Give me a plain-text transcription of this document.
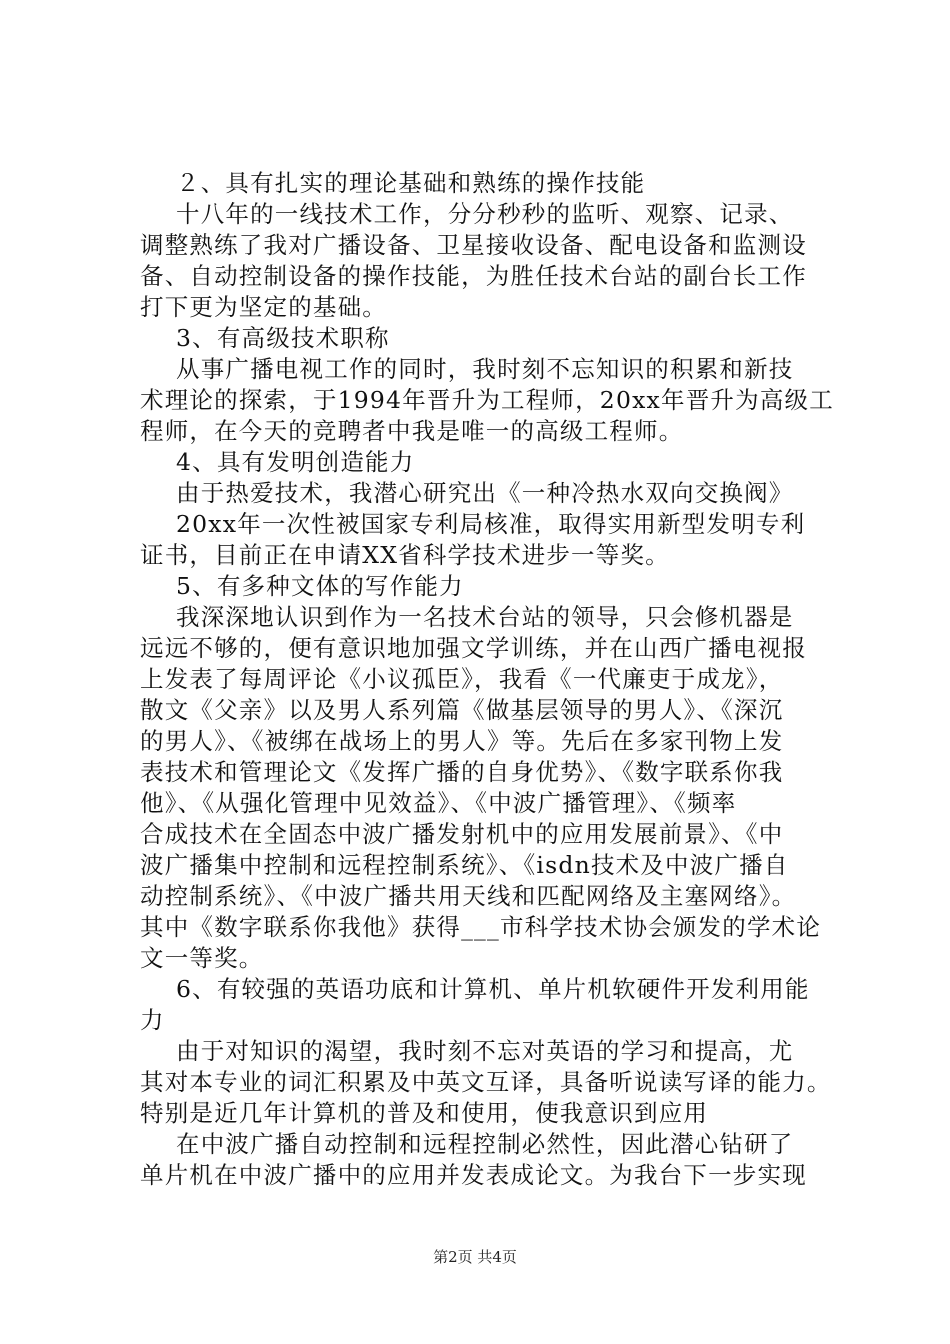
２、具有扎实的理论基础和熟练的操作技能
十八年的一线技术工作，分分秒秒的监听、观察、记录、
调整熟练了我对广播设备、卫星接收设备、配电设备和监测设
备、自动控制设备的操作技能，为胜任技术台站的副台长工作
打下更为坚定的基础。
3、有高级技术职称
从事广播电视工作的同时，我时刻不忘知识的积累和新技
术理论的探索，于1994年晋升为工程师，20xx年晋升为高级工
程师，在今天的竞聘者中我是唯一的高级工程师。
4、具有发明创造能力
由于热爱技术，我潜心研究出《一种冷热水双向交换阀》
20xx年一次性被国家专利局核准，取得实用新型发明专利
证书，目前正在申请XX省科学技术进步一等奖。
5、有多种文体的写作能力
我深深地认识到作为一名技术台站的领导，只会修机器是
远远不够的，便有意识地加强文学训练，并在山西广播电视报
上发表了每周评论《小议孤臣》，我看《一代廉吏于成龙》，
散文《父亲》以及男人系列篇《做基层领导的男人》、《深沉
的男人》、《被绑在战场上的男人》等。先后在多家刊物上发
表技术和管理论文《发挥广播的自身优势》、《数字联系你我
他》、《从强化管理中见效益》、《中波广播管理》、《频率
合成技术在全固态中波广播发射机中的应用发展前景》、《中
波广播集中控制和远程控制系统》、《isdn技术及中波广播自
动控制系统》、《中波广播共用天线和匹配网络及主塞网络》。
其中《数字联系你我他》获得___市科学技术协会颁发的学术论
文一等奖。
6、有较强的英语功底和计算机、单片机软硬件开发利用能
力
由于对知识的渴望，我时刻不忘对英语的学习和提高，尤
其对本专业的词汇积累及中英文互译，具备听说读写译的能力。
特别是近几年计算机的普及和使用，使我意识到应用
在中波广播自动控制和远程控制必然性，因此潜心钻研了
单片机在中波广播中的应用并发表成论文。为我台下一步实现
第2页 共4页
